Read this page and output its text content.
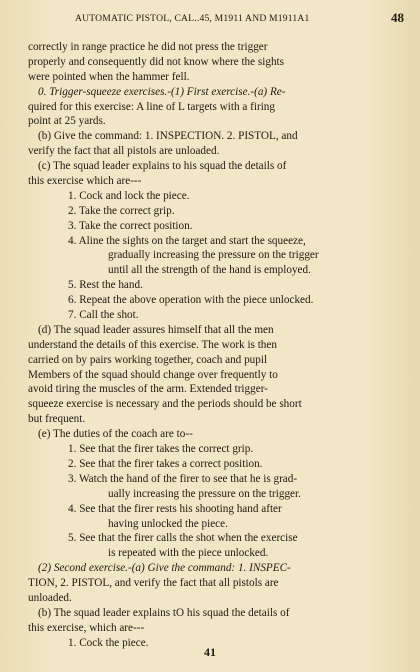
AUTOMATIC PISTOL, CAL..45, M1911 AND M1911A1	48
correctly in range practice he did not press the trigger
properly and consequently did not know where the sights
were pointed when the hammer fell.
0. Trigger-squeeze exercises.-(1) First exercise.-(a) Re-
quired for this exercise: A line of L targets with a firing
point at 25 yards.
(b) Give the command: 1. INSPECTION. 2. PISTOL, and
verify the fact that all pistols are unloaded.
(c) The squad leader explains to his squad the details of
this exercise which are---
1. Cock and lock the piece.
2. Take the correct grip.
3. Take the correct position.
4. Aline the sights on the target and start the squeeze,
gradually increasing the pressure on the trigger
until all the strength of the hand is employed.
5. Rest the hand.
6. Repeat the above operation with the piece unlocked.
7. Call the shot.
(d) The squad leader assures himself that all the men
understand the details of this exercise. The work is then
carried on by pairs working together, coach and pupil
Members of the squad should change over frequently to
avoid tiring the muscles of the arm. Extended trigger-
squeeze exercise is necessary and the periods should be short
but frequent.
(e) The duties of the coach are to--
1. See that the firer takes the correct grip.
2. See that the firer takes a correct position.
3. Watch the hand of the firer to see that he is grad-
ually increasing the pressure on the trigger.
4. See that the firer rests his shooting hand after
having unlocked the piece.
5. See that the firer calls the shot when the exercise
is repeated with the piece unlocked.
(2) Second exercise.-(a) Give the command: 1. INSPEC-
TION, 2. PISTOL, and verify the fact that all pistols are
unloaded.
(b) The squad leader explains tO his squad the details of
this exercise, which are---
1. Cock the piece.
41
